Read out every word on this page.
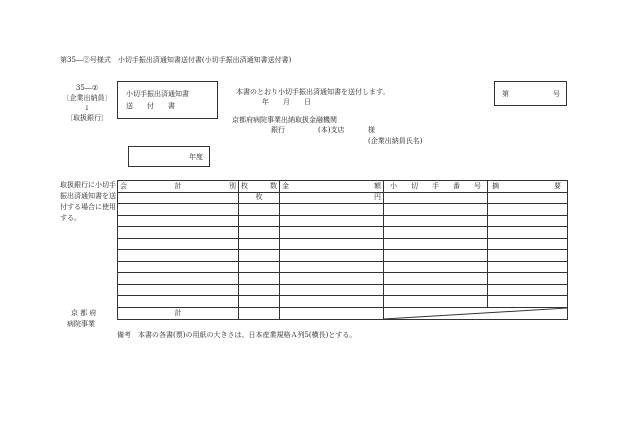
第35―②号様式　小切手振出済通知書送付書(小切手振出済通知書送付書)
35―②
〔企業出納員〕
↓
〔取扱銀行〕
小切手振出済通知書
送　　付　　書
本書のとおり小切手振出済通知書を送付します。
年　　月　　日
第	号
京都府病院事業出納取扱金融機関
銀行	(本)支店	様
(企業出納員氏名)
年度
取扱銀行に小切手振出済通知書を送付する場合に使用する。
京 都 府
病院事業
会 計 別	枚 数	金 額	小 切 手 番 号	摘 要

	枚	円		

計			
備考　本書の各書(票)の用紙の大きさは、日本産業規格Ａ列5(横長)とする。
